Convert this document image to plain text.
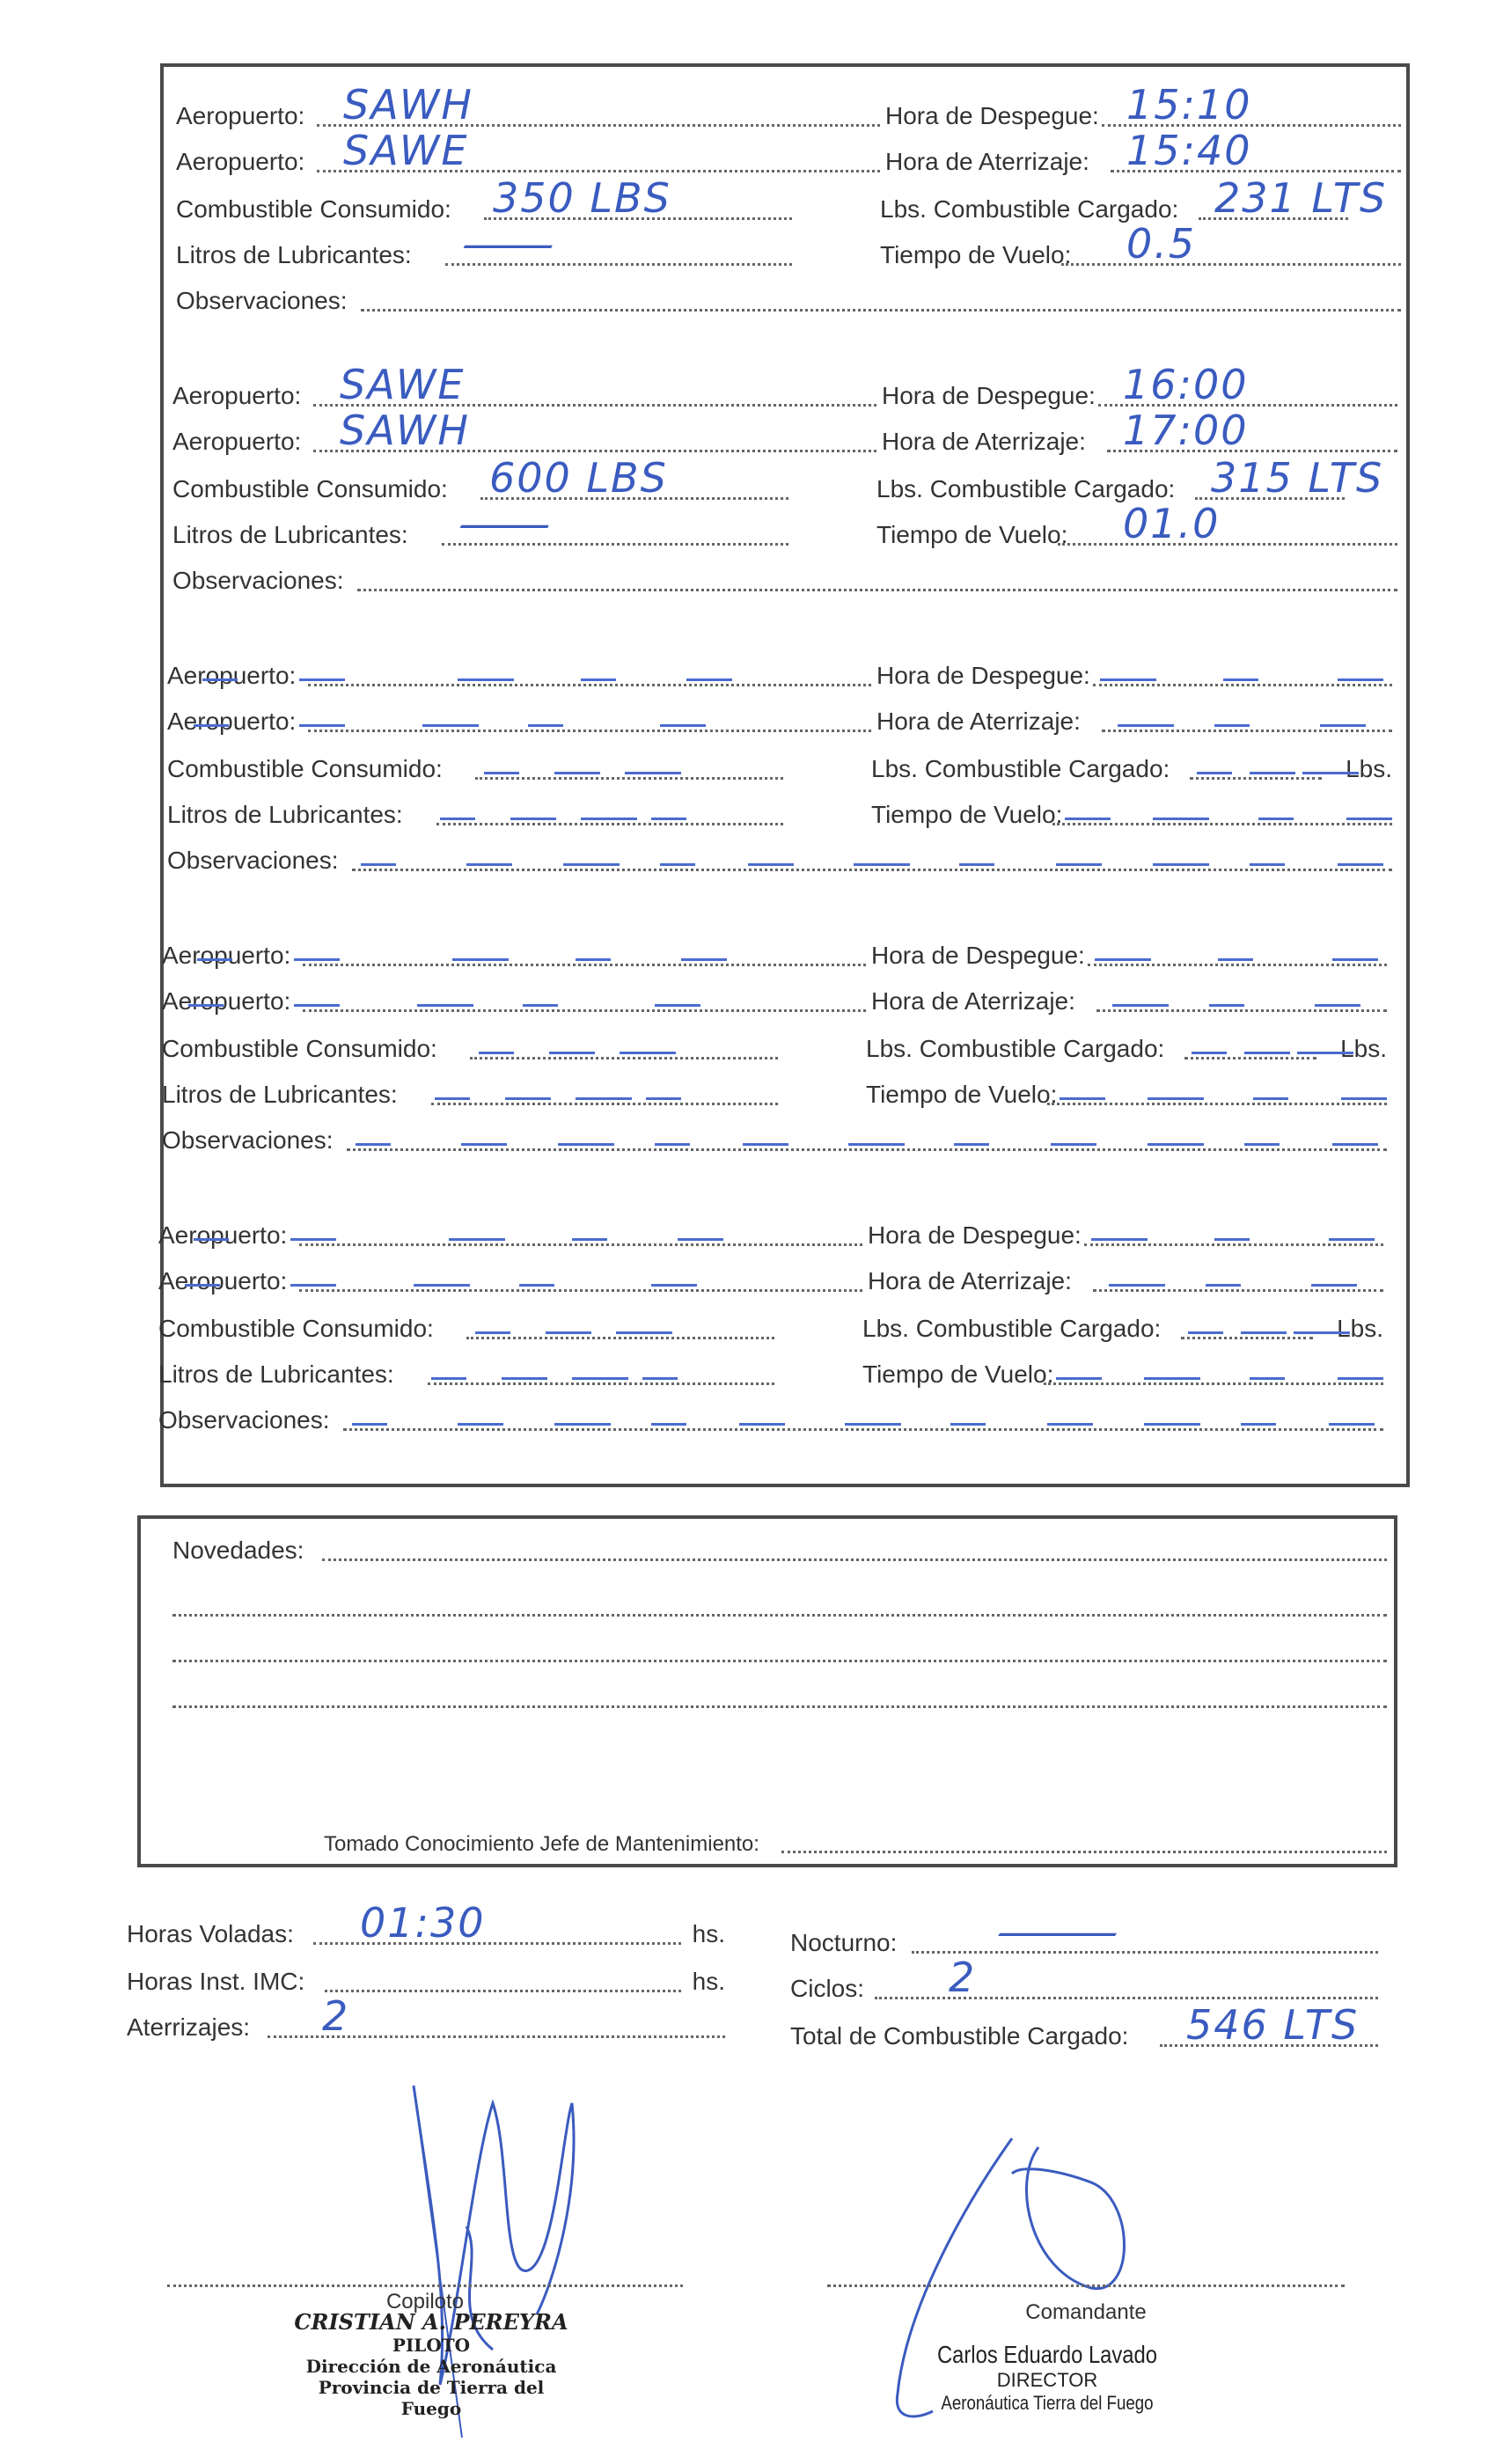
Aeropuerto:	Hora de Despegue:
SAWH	15:10
Aeropuerto:	Hora de Aterrizaje:
SAWE	15:40
Combustible Consumido:	Lbs. Combustible Cargado:
350 LBS	231 LTS
Litros de Lubricantes:	Tiempo de Vuelo:
—	0.5
Observaciones:
Aeropuerto:	Hora de Despegue:
SAWE	16:00
Aeropuerto:	Hora de Aterrizaje:
SAWH	17:00
Combustible Consumido:	Lbs. Combustible Cargado:
600 LBS	315 LTS
Litros de Lubricantes:	Tiempo de Vuelo:
—	01.0
Observaciones:
Aeropuerto:	Hora de Despegue:
Aeropuerto:	Hora de Aterrizaje:
Combustible Consumido:	Lbs. Combustible Cargado:	Lbs.
Litros de Lubricantes:	Tiempo de Vuelo:
Observaciones:
Aeropuerto:	Hora de Despegue:
Aeropuerto:	Hora de Aterrizaje:
Combustible Consumido:	Lbs. Combustible Cargado:	Lbs.
Litros de Lubricantes:	Tiempo de Vuelo:
Observaciones:
Aeropuerto:	Hora de Despegue:
Aeropuerto:	Hora de Aterrizaje:
Combustible Consumido:	Lbs. Combustible Cargado:	Lbs.
Litros de Lubricantes:	Tiempo de Vuelo:
Observaciones:
Novedades:
Tomado Conocimiento Jefe de Mantenimiento:
Horas Voladas: 01:30	hs.
Horas Inst. IMC:	hs.
Aterrizajes: 2
Nocturno: —
Ciclos: 2
Total de Combustible Cargado: 546 LTS
Copiloto
CRISTIAN A. PEREYRA
PILOTO
Dirección de Aeronáutica
Provincia de Tierra del Fuego
Comandante
Carlos Eduardo Lavado
DIRECTOR
Aeronáutica Tierra del Fuego
